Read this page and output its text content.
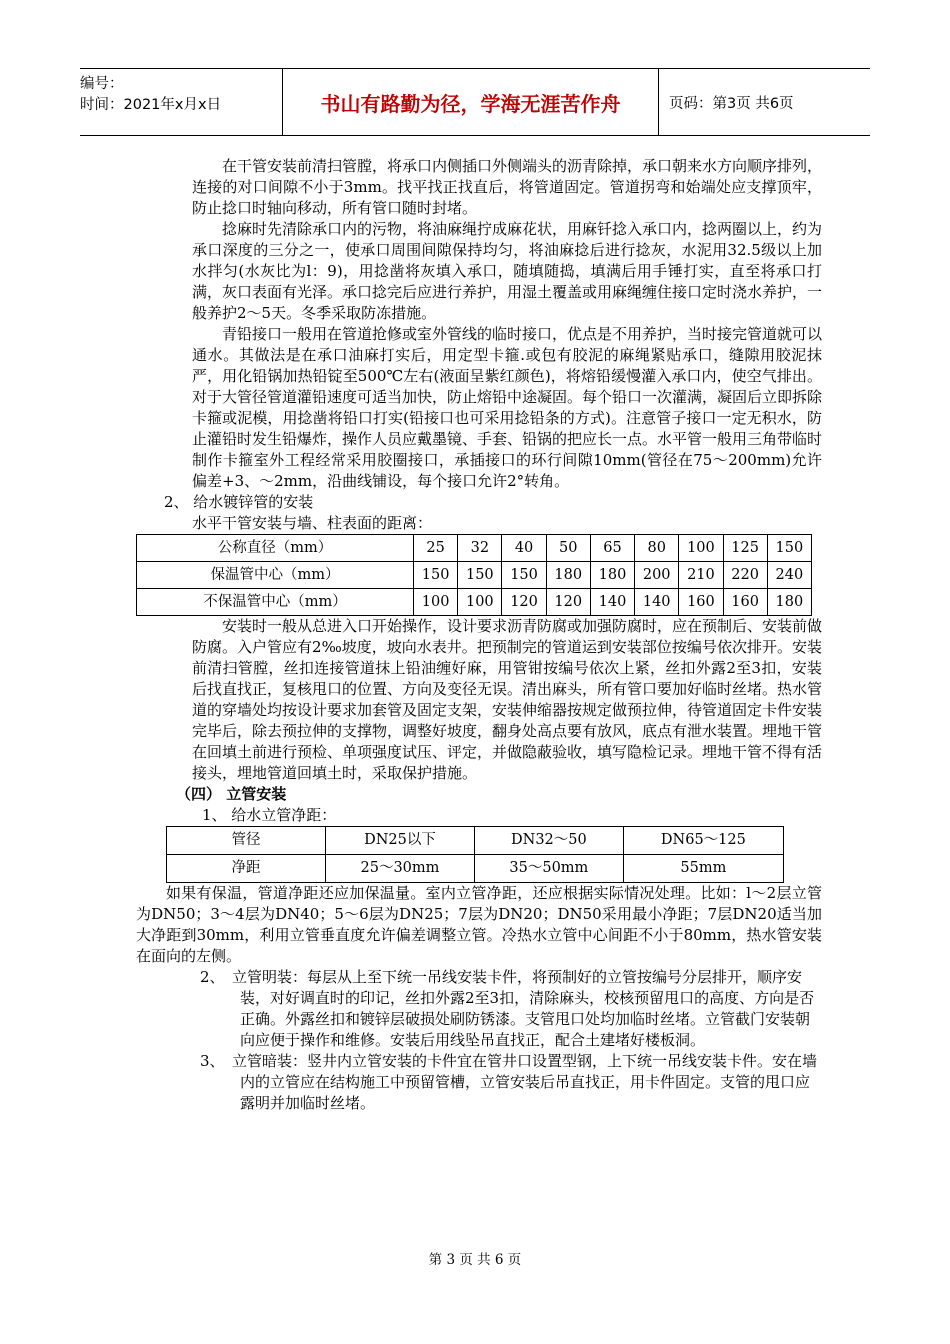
编号：
时间：2021年x月x日	书山有路勤为径，学海无涯苦作舟	页码：第3页 共6页

在干管安装前清扫管膛，将承口内侧插口外侧端头的沥青除掉，承口朝来水方向顺序排列，连接的对口间隙不小于3mm。找平找正找直后，将管道固定。管道拐弯和始端处应支撑顶牢，防止捻口时轴向移动，所有管口随时封堵。

捻麻时先清除承口内的污物，将油麻绳拧成麻花状，用麻钎捻入承口内，捻两圈以上，约为承口深度的三分之一，使承口周围间隙保持均匀，将油麻捻后进行捻灰，水泥用32.5级以上加水拌匀(水灰比为l：9)，用捻凿将灰填入承口，随填随捣，填满后用手锤打实，直至将承口打满，灰口表面有光泽。承口捻完后应进行养护，用湿土覆盖或用麻绳缠住接口定时浇水养护，一般养护2～5天。冬季采取防冻措施。

青铅接口一般用在管道抢修或室外管线的临时接口，优点是不用养护，当时接完管道就可以通水。其做法是在承口油麻打实后，用定型卡箍.或包有胶泥的麻绳紧贴承口，缝隙用胶泥抹严，用化铅锅加热铅锭至500℃左右(液面呈紫红颜色)，将熔铅缓慢灌入承口内，使空气排出。对于大管径管道灌铅速度可适当加快，防止熔铅中途凝固。每个铅口一次灌满，凝固后立即拆除卡箍或泥模，用捻凿将铅口打实(铅接口也可采用捻铅条的方式)。注意管子接口一定无积水，防止灌铅时发生铅爆炸，操作人员应戴墨镜、手套、铅锅的把应长一点。水平管一般用三角带临时制作卡箍室外工程经常采用胶圈接口，承插接口的环行间隙10mm(管径在75～200mm)允许偏差+3、～2mm，沿曲线铺设，每个接口允许2°转角。

2、 给水镀锌管的安装

水平干管安装与墙、柱表面的距离：

公称直径（mm）	25	32	40	50	65	80	100	125	150
保温管中心（mm）	150	150	150	180	180	200	210	220	240
不保温管中心（mm）	100	100	120	120	140	140	160	160	180

安装时一般从总进入口开始操作，设计要求沥青防腐或加强防腐时，应在预制后、安装前做防腐。入户管应有2‰坡度，坡向水表井。把预制完的管道运到安装部位按编号依次排开。安装前清扫管膛，丝扣连接管道抹上铅油缠好麻，用管钳按编号依次上紧，丝扣外露2至3扣，安装后找直找正，复核甩口的位置、方向及变径无误。清出麻头，所有管口要加好临时丝堵。热水管道的穿墙处均按设计要求加套管及固定支架，安装伸缩器按规定做预拉伸，待管道固定卡件安装完毕后，除去预拉伸的支撑物，调整好坡度，翻身处高点要有放风，底点有泄水装置。埋地干管在回填土前进行预检、单项强度试压、评定，并做隐蔽验收，填写隐检记录。埋地干管不得有活接头，埋地管道回填土时，采取保护措施。

（四） 立管安装

1、 给水立管净距：

管径	DN25以下	DN32～50	DN65～125
净距	25～30mm	35～50mm	55mm

如果有保温，管道净距还应加保温量。室内立管净距，还应根据实际情况处理。比如：l～2层立管为DN50；3～4层为DN40；5～6层为DN25；7层为DN20；DN50采用最小净距；7层DN20适当加大净距到30mm，利用立管垂直度允许偏差调整立管。冷热水立管中心间距不小于80mm，热水管安装在面向的左侧。

2、　立管明装：每层从上至下统一吊线安装卡件，将预制好的立管按编号分层排开，顺序安装，对好调直时的印记，丝扣外露2至3扣，清除麻头，校核预留甩口的高度、方向是否正确。外露丝扣和镀锌层破损处刷防锈漆。支管甩口处均加临时丝堵。立管截门安装朝向应便于操作和维修。安装后用线坠吊直找正，配合土建堵好楼板洞。

3、　立管暗装：竖井内立管安装的卡件宜在管井口设置型钢，上下统一吊线安装卡件。安在墙内的立管应在结构施工中预留管槽，立管安装后吊直找正，用卡件固定。支管的甩口应露明并加临时丝堵。

第 3 页 共 6 页
